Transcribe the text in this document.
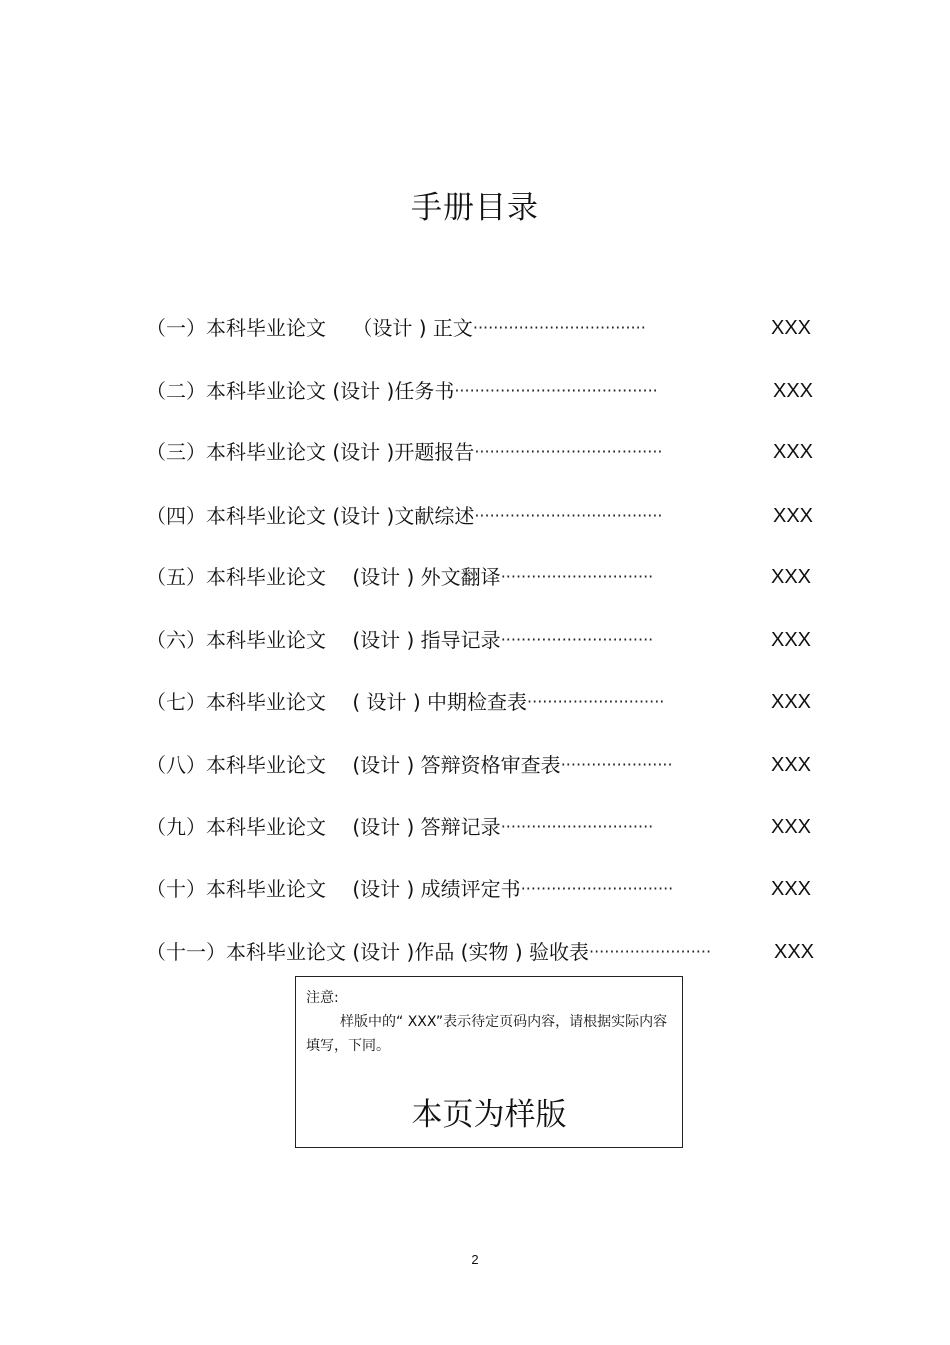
手册目录
（一）本科毕业论文　 （设计 ) 正文··································	XXX
（二）本科毕业论文 (设计 )任务书········································	XXX
（三）本科毕业论文 (设计 )开题报告·····································	XXX
（四）本科毕业论文 (设计 )文献综述·····································	XXX
（五）本科毕业论文　 (设计 ) 外文翻译······························	XXX
（六）本科毕业论文　 (设计 ) 指导记录······························	XXX
（七）本科毕业论文　 ( 设计 ) 中期检查表···························	XXX
（八）本科毕业论文　 (设计 ) 答辩资格审查表······················	XXX
（九）本科毕业论文　 (设计 ) 答辩记录······························	XXX
（十）本科毕业论文　 (设计 ) 成绩评定书······························	XXX
（十一）本科毕业论文 (设计 )作品 (实物 ) 验收表························	XXX
注意:
样版中的“ XXX”表示待定页码内容，请根据实际内容填写，下同。
本页为样版
2
